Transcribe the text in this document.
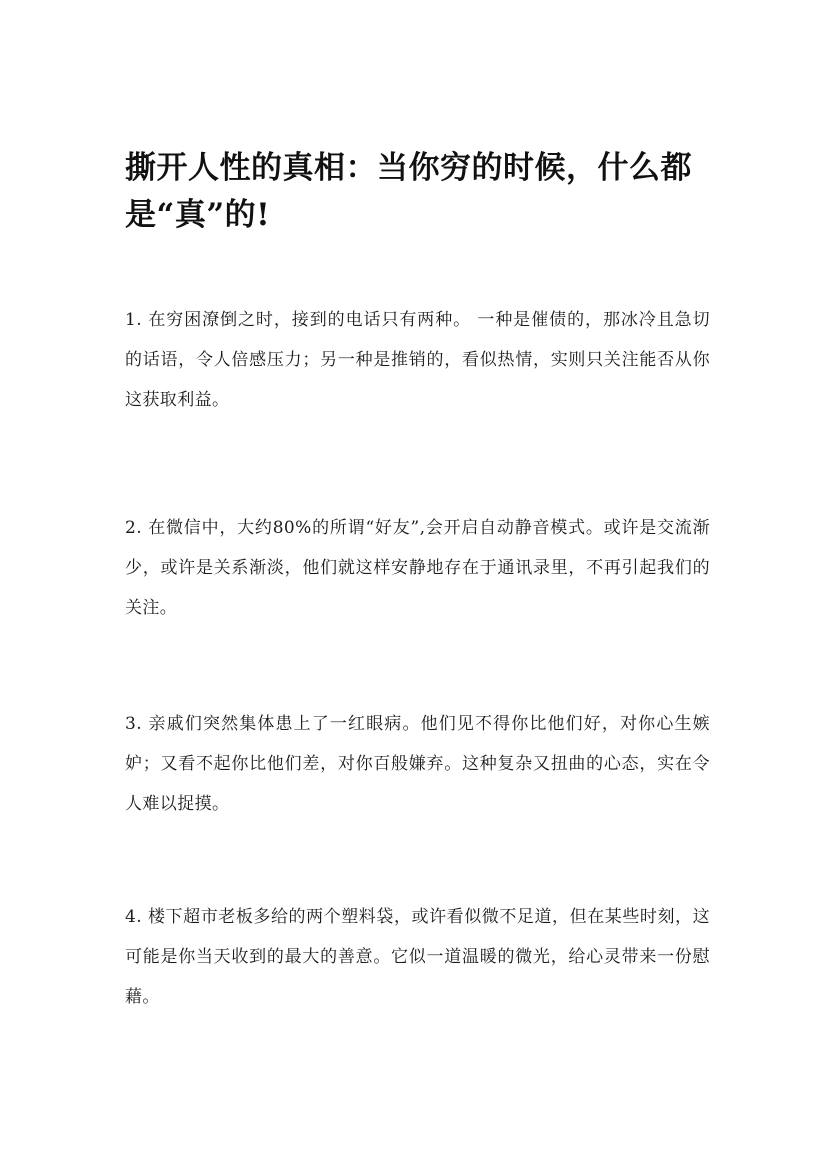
撕开人性的真相：当你穷的时候，什么都是“真”的!

1. 在穷困潦倒之时，接到的电话只有两种。 一种是催债的，那冰冷且急切的话语，令人倍感压力；另一种是推销的，看似热情，实则只关注能否从你这获取利益。

2. 在微信中，大约80%的所谓“好友”,会开启自动静音模式。或许是交流渐少，或许是关系渐淡，他们就这样安静地存在于通讯录里，不再引起我们的关注。

3. 亲戚们突然集体患上了一红眼病。他们见不得你比他们好，对你心生嫉妒；又看不起你比他们差，对你百般嫌弃。这种复杂又扭曲的心态，实在令人难以捉摸。

4. 楼下超市老板多给的两个塑料袋，或许看似微不足道，但在某些时刻，这可能是你当天收到的最大的善意。它似一道温暖的微光，给心灵带来一份慰藉。
